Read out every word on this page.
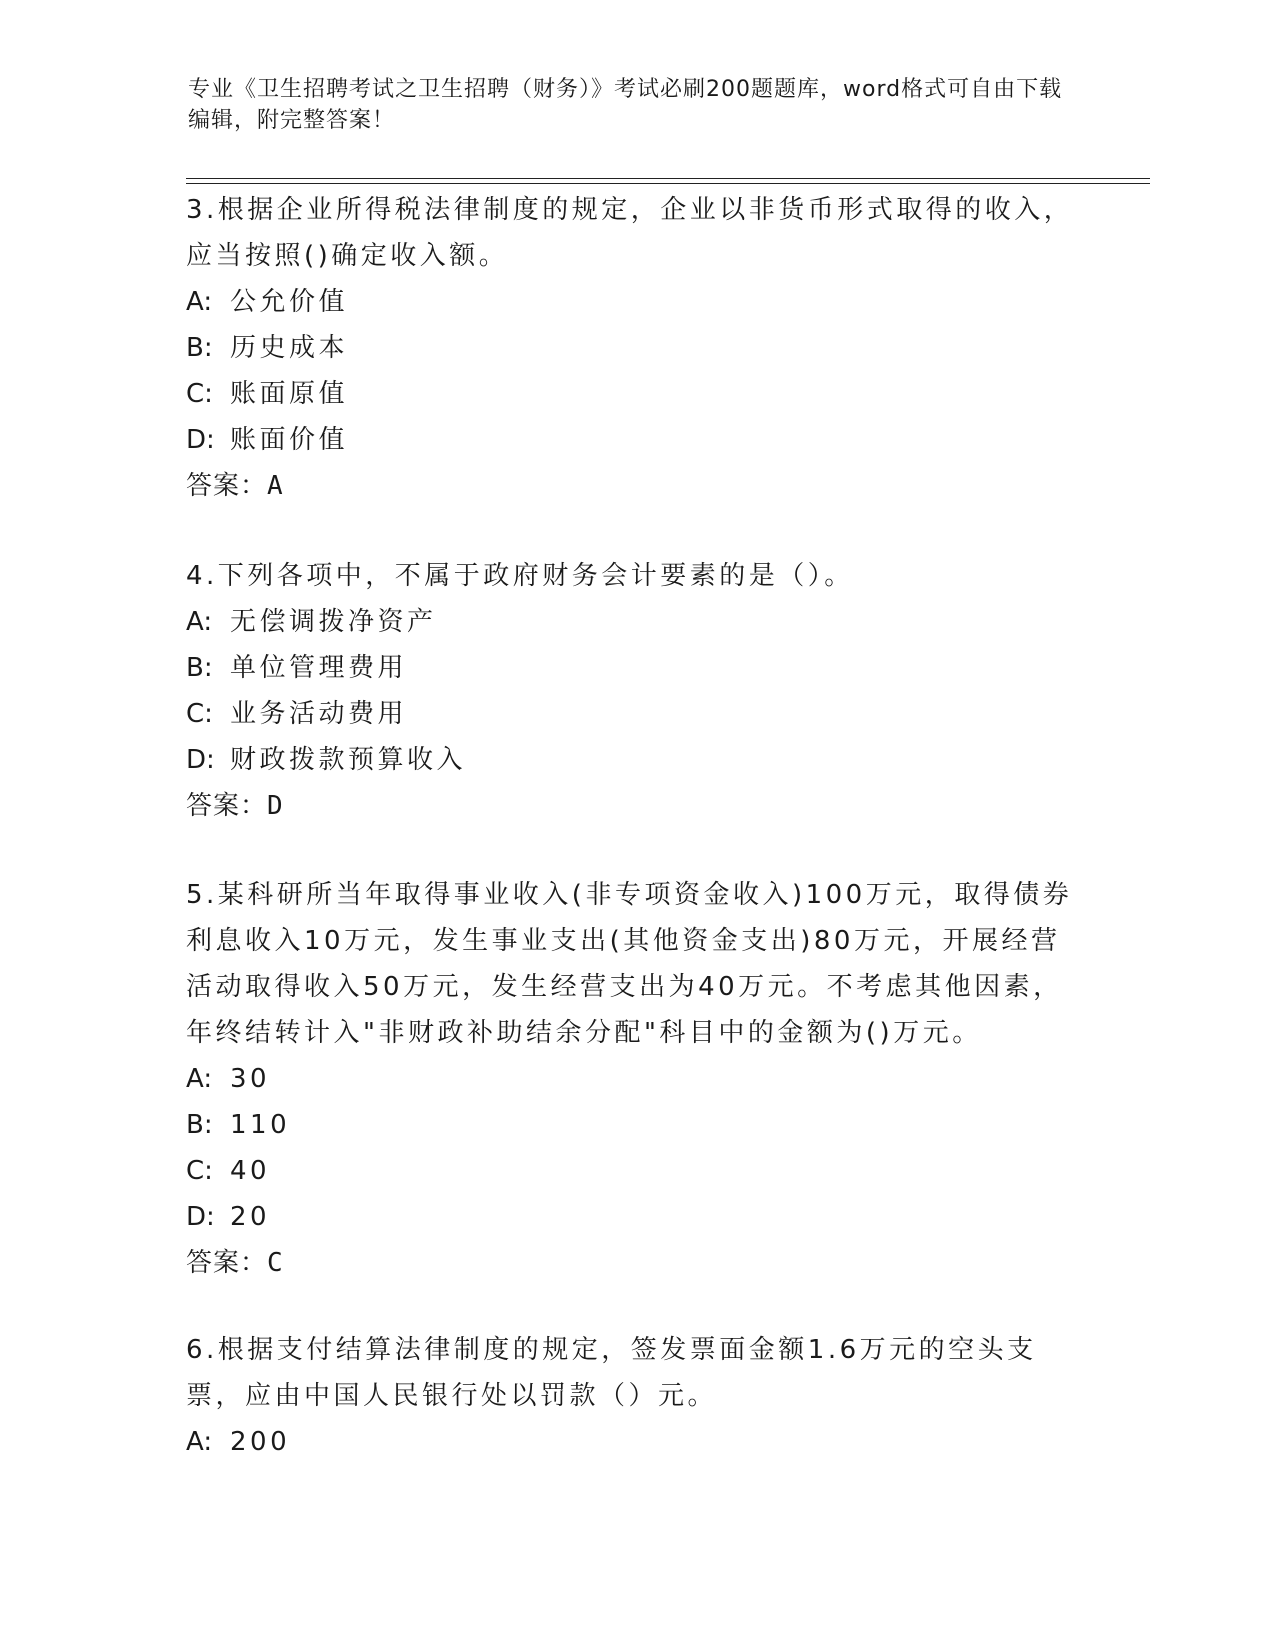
专业《卫生招聘考试之卫生招聘（财务）》考试必刷200题题库，word格式可自由下载编辑，附完整答案！

3.根据企业所得税法律制度的规定，企业以非货币形式取得的收入，应当按照()确定收入额。

A: 公允价值

B: 历史成本

C: 账面原值

D: 账面价值

答案：A

4.下列各项中，不属于政府财务会计要素的是（）。

A: 无偿调拨净资产

B: 单位管理费用

C: 业务活动费用

D: 财政拨款预算收入

答案：D

5.某科研所当年取得事业收入(非专项资金收入)100万元，取得债券利息收入10万元，发生事业支出(其他资金支出)80万元，开展经营活动取得收入50万元，发生经营支出为40万元。不考虑其他因素，年终结转计入"非财政补助结余分配"科目中的金额为()万元。

A: 30

B: 110

C: 40

D: 20

答案：C

6.根据支付结算法律制度的规定，签发票面金额1.6万元的空头支票，应由中国人民银行处以罚款（）元。

A: 200
